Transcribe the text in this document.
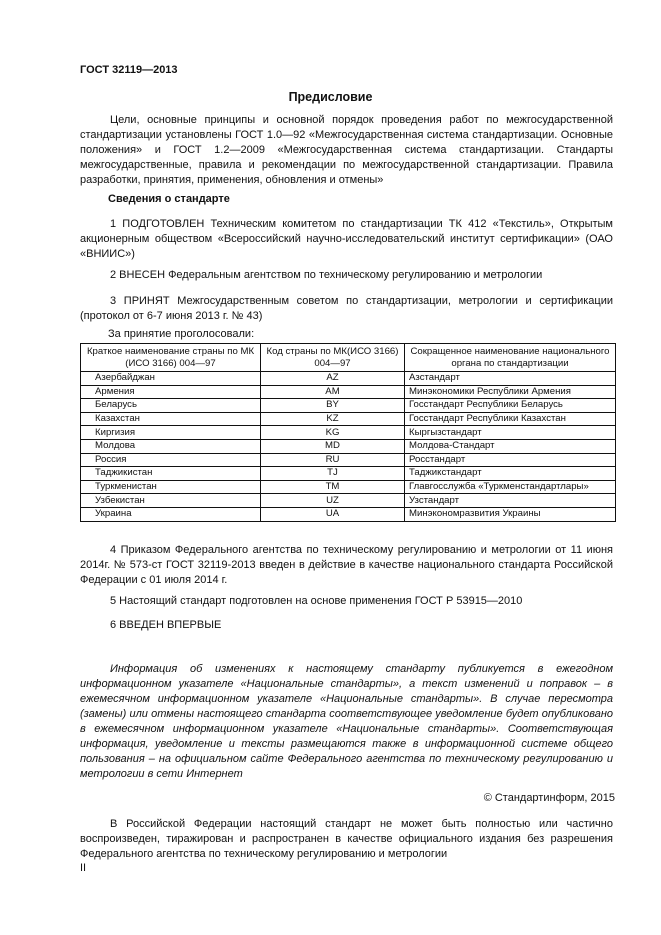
ГОСТ 32119—2013
Предисловие
Цели, основные принципы и основной порядок проведения работ по межгосударственной стандартизации установлены ГОСТ 1.0—92 «Межгосударственная система стандартизации. Основные положения» и ГОСТ 1.2—2009 «Межгосударственная система стандартизации. Стандарты межгосударственные, правила и рекомендации по межгосударственной стандартизации. Правила разработки, принятия, применения, обновления и отмены»
Сведения о стандарте
1 ПОДГОТОВЛЕН Техническим комитетом по стандартизации ТК 412 «Текстиль», Открытым акционерным обществом «Всероссийский научно-исследовательский институт сертификации» (ОАО «ВНИИС»)
2 ВНЕСЕН Федеральным агентством по техническому регулированию и метрологии
3 ПРИНЯТ Межгосударственным советом по стандартизации, метрологии и сертификации (протокол от 6-7 июня 2013 г. № 43)
За принятие проголосовали:
Краткое наименование страны по МК (ИСО 3166) 004—97	Код страны по МК(ИСО 3166) 004—97	Сокращенное наименование национального органа по стандартизации
Азербайджан	AZ	Азстандарт
Армения	AM	Минэкономики Республики Армения
Беларусь	BY	Госстандарт Республики Беларусь
Казахстан	KZ	Госстандарт Республики Казахстан
Киргизия	KG	Кыргызстандарт
Молдова	MD	Молдова-Стандарт
Россия	RU	Росстандарт
Таджикистан	TJ	Таджикстандарт
Туркменистан	TM	Главгосслужба «Туркменстандартлары»
Узбекистан	UZ	Узстандарт
Украина	UA	Минэкономразвития Украины
4 Приказом Федерального агентства по техническому регулированию и метрологии от 11 июня 2014г. № 573-ст ГОСТ 32119-2013 введен в действие в качестве национального стандарта Российской Федерации с 01 июля 2014 г.
5 Настоящий стандарт подготовлен на основе применения ГОСТ Р 53915—2010
6 ВВЕДЕН ВПЕРВЫЕ
Информация об изменениях к настоящему стандарту публикуется в ежегодном информационном указателе «Национальные стандарты», а текст изменений и поправок – в ежемесячном информационном указателе «Национальные стандарты». В случае пересмотра (замены) или отмены настоящего стандарта соответствующее уведомление будет опубликовано в ежемесячном информационном указателе «Национальные стандарты». Соответствующая информация, уведомление и тексты размещаются также в информационной системе общего пользования – на официальном сайте Федерального агентства по техническому регулированию и метрологии в сети Интернет
© Стандартинформ, 2015
В Российской Федерации настоящий стандарт не может быть полностью или частично воспроизведен, тиражирован и распространен в качестве официального издания без разрешения Федерального агентства по техническому регулированию и метрологии
II
